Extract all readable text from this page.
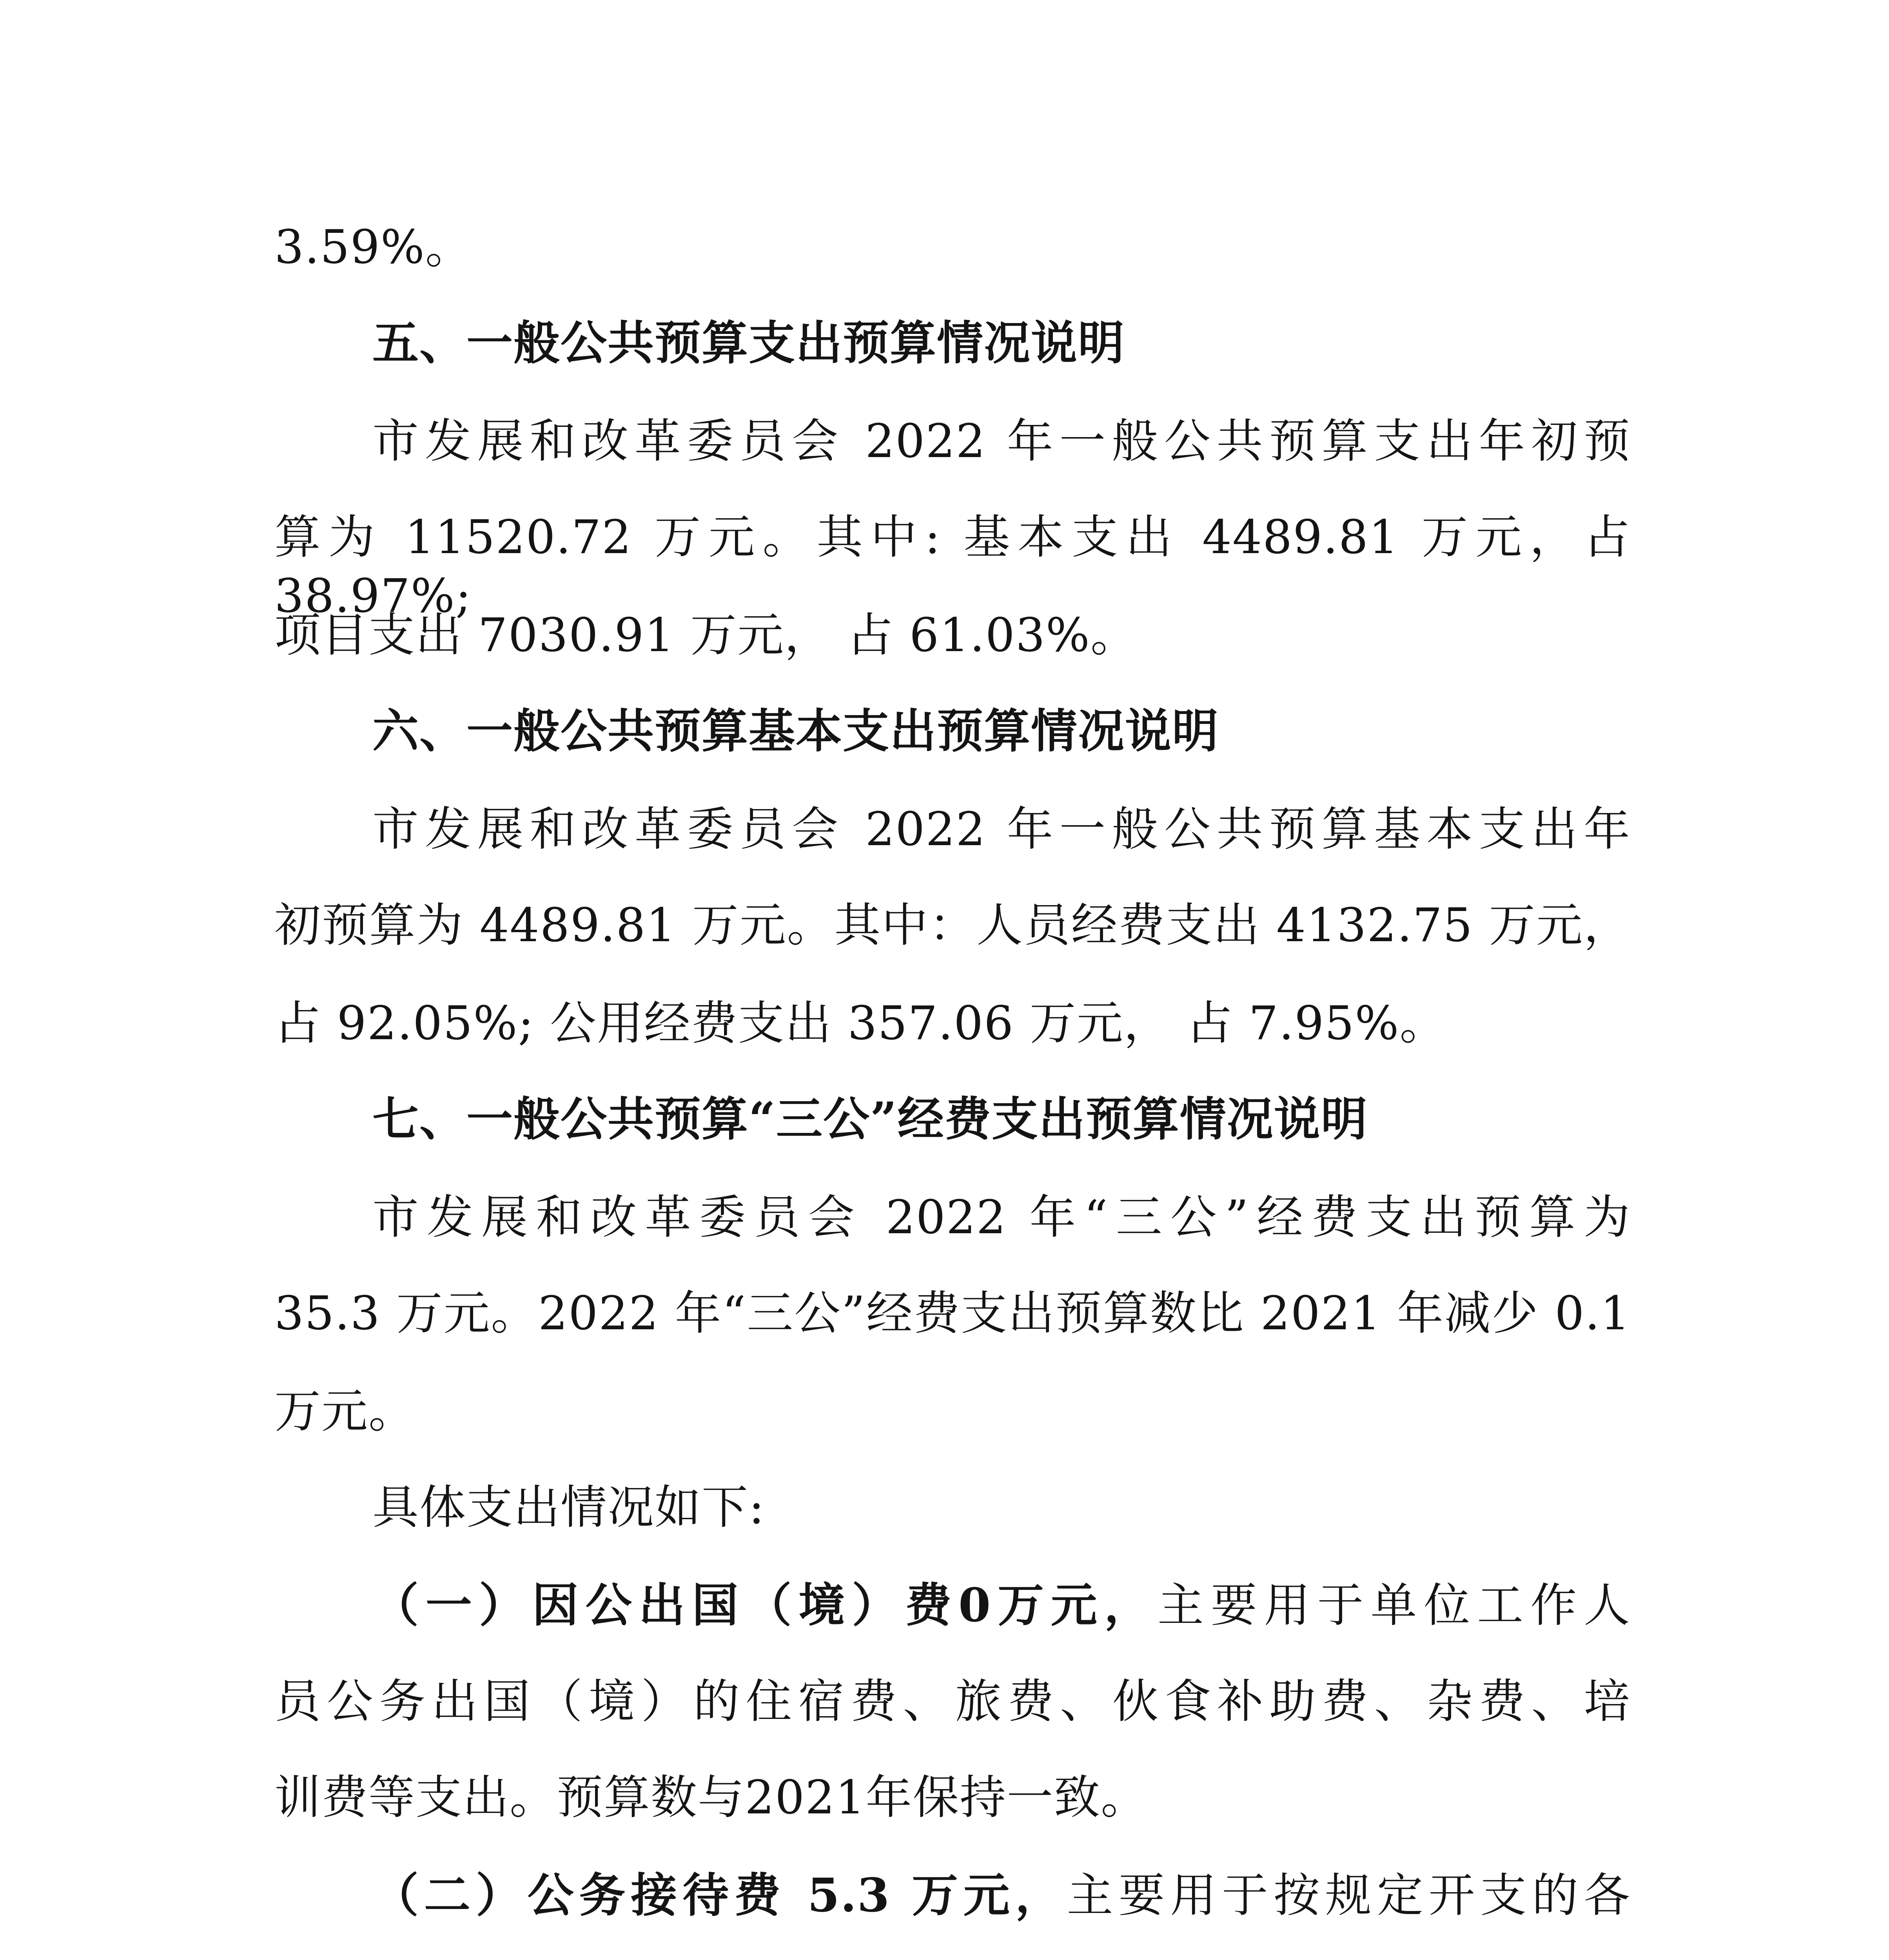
3.59%。
五、一般公共预算支出预算情况说明
市发展和改革委员会 2022 年一般公共预算支出年初预
算为 11520.72 万元。其中: 基本支出 4489.81 万元，占 38.97%;
项目支出 7030.91 万元， 占 61.03%。
六、一般公共预算基本支出预算情况说明
市发展和改革委员会 2022 年一般公共预算基本支出年
初预算为 4489.81 万元。其中：人员经费支出 4132.75 万元，
占 92.05%; 公用经费支出 357.06 万元， 占 7.95%。
七、一般公共预算“三公”经费支出预算情况说明
市发展和改革委员会 2022 年“三公”经费支出预算为
35.3 万元。2022 年“三公”经费支出预算数比 2021 年减少 0.1
万元。
具体支出情况如下:
（一）因公出国（境）费0万元，主要用于单位工作人
员公务出国（境）的住宿费、旅费、伙食补助费、杂费、培
训费等支出。预算数与2021年保持一致。
（二）公务接待费 5.3 万元，主要用于按规定开支的各
